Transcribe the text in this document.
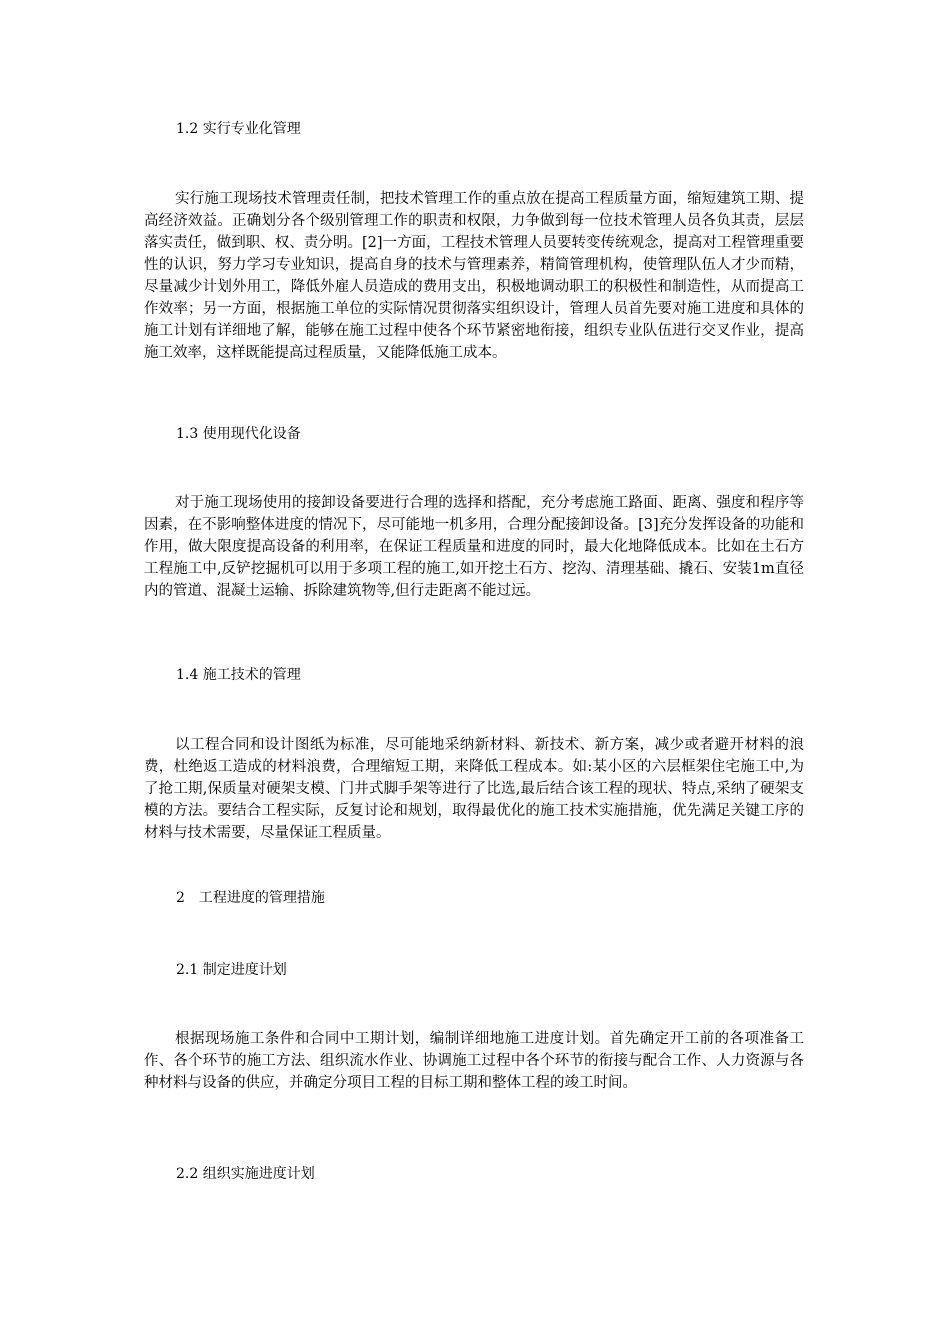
1.2 实行专业化管理

实行施工现场技术管理责任制，把技术管理工作的重点放在提高工程质量方面，缩短建筑工期、提高经济效益。正确划分各个级别管理工作的职责和权限，力争做到每一位技术管理人员各负其责，层层落实责任，做到职、权、责分明。[2]一方面，工程技术管理人员要转变传统观念，提高对工程管理重要性的认识，努力学习专业知识，提高自身的技术与管理素养，精简管理机构，使管理队伍人才少而精，尽量减少计划外用工，降低外雇人员造成的费用支出，积极地调动职工的积极性和制造性，从而提高工作效率；另一方面，根据施工单位的实际情况贯彻落实组织设计，管理人员首先要对施工进度和具体的施工计划有详细地了解，能够在施工过程中使各个环节紧密地衔接，组织专业队伍进行交叉作业，提高施工效率，这样既能提高过程质量，又能降低施工成本。

1.3 使用现代化设备

对于施工现场使用的接卸设备要进行合理的选择和搭配，充分考虑施工路面、距离、强度和程序等因素，在不影响整体进度的情况下，尽可能地一机多用，合理分配接卸设备。[3]充分发挥设备的功能和作用，做大限度提高设备的利用率，在保证工程质量和进度的同时，最大化地降低成本。比如在土石方工程施工中,反铲挖掘机可以用于多项工程的施工,如开挖土石方、挖沟、清理基础、撬石、安装1m直径内的管道、混凝土运输、拆除建筑物等,但行走距离不能过远。

1.4 施工技术的管理

以工程合同和设计图纸为标准，尽可能地采纳新材料、新技术、新方案，减少或者避开材料的浪费，杜绝返工造成的材料浪费，合理缩短工期，来降低工程成本。如:某小区的六层框架住宅施工中,为了抢工期,保质量对硬架支模、门井式脚手架等进行了比选,最后结合该工程的现状、特点,采纳了硬架支模的方法。要结合工程实际，反复讨论和规划，取得最优化的施工技术实施措施，优先满足关键工序的材料与技术需要，尽量保证工程质量。

2　工程进度的管理措施
2.1 制定进度计划

根据现场施工条件和合同中工期计划，编制详细地施工进度计划。首先确定开工前的各项准备工作、各个环节的施工方法、组织流水作业、协调施工过程中各个环节的衔接与配合工作、人力资源与各种材料与设备的供应，并确定分项目工程的目标工期和整体工程的竣工时间。

2.2 组织实施进度计划
